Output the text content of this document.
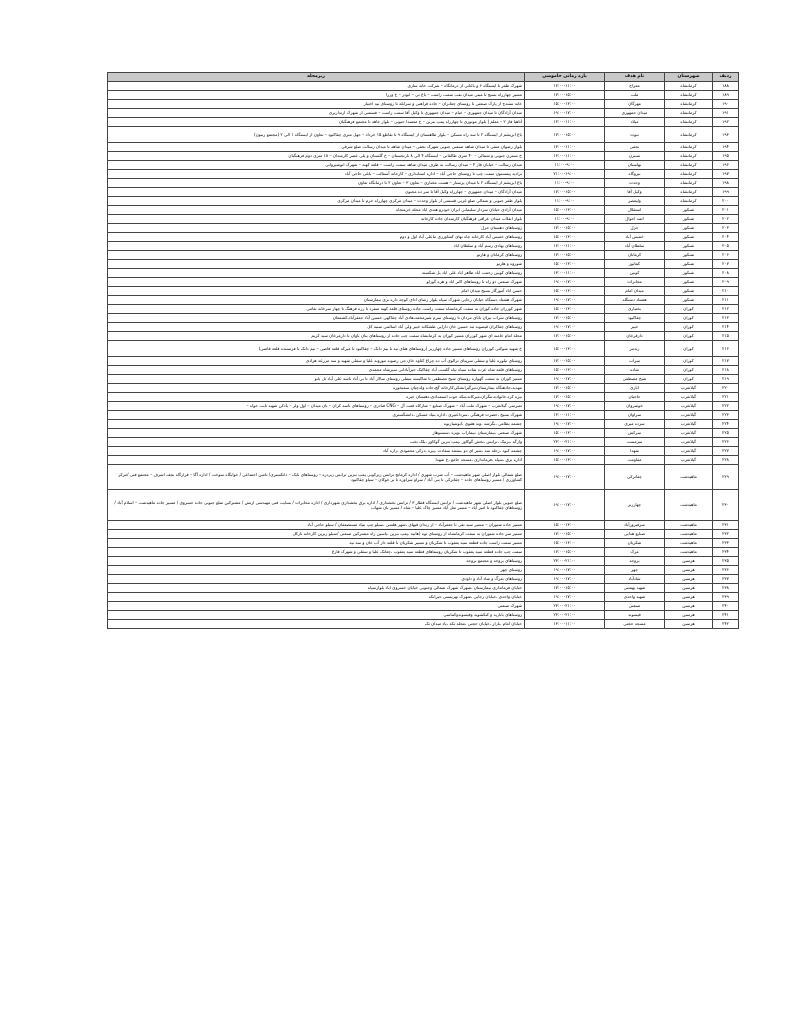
ردیف	شهرستان	نام هدف	بازه زمانی خاموشی	زیرمحله
۱۸۸	کرمانشاه	معراج	۱۳:۰۰-۱۱:۰۰	شهرک ظفر تا ایستگاه ۶ و باغاتی از درمانگاه – شرکت خانه سازی
۱۸۹	کرمانشاه	ملت	۱۷:۰۰-۱۵:۰۰	مسیر چهارراه بسیج تا میتی میدان نفت سمت راست – باغ نی – ابوذر – خ وزرا
۱۹۰	کرمانشاه	مهرگان	۱۵:۰۰-۱۳:۰۰	خانه سنندج از پارک صنعتی تا روستای چغانران – جاده فراهنی و سرابله تا روستای نیه اختیار
۱۹۱	کرمانشاه	میدان جمهوری	۱۹:۰۰-۱۷:۰۰	میدان آزادگان تا میدان جمهوری – خیام – میدان جمهوری تا وکیل آقا سمت راست – قسمتی از شهرک ارتداریری
۱۹۲	کرمانشاه	میلاد	۱۳:۰۰-۱۱:۰۰	آتاهیا فاز ۲ – معلم | بلوار موتوری تا چهارراه پمپ بنزین – خ معصدا جنوبی – بلوار جاهد تا مجتمع فرهنگیان
۱۹۳	کرمانشاه	نبوت	۱۷:۰۰-۱۵:۰۰	باغ ابریشم از ایستگاه ۲ تا سه راه مسکن – بلوار طاهستان از ایستگاه ۹ تا تقاطع ۱۵ خرداد – جهل متری چقاکبود – تعاون از ایستگاه ۱ الی ۲ (مجتمع زیتون)
۱۹۴	کرمانشاه	نجفی	۱۳:۰۰-۱۱:۰۰	بلوار رضوان منفی تا میدان شاهد صنعتی جنوبی شهرک نجفی – میدان شاهد تا میدان رسالت ضلع شرقی
۱۹۵	کرمانشاه	نسترن	۱۳:۰۰-۱۱:۰۰	خ نسترن جنوبی و شمالی – ۴۰ متری طالقانی – ایستگاه ۴ الی ۸ نارنجستان – خ گلستان و پلی عصر کارمندان – ۱۸ متری دوم فرهنگیان
۱۹۶	کرمانشاه	نهاستان	۱۱:۰۰-۹:۰۰	میدان رسالت – خیابان فاز ۴ – میدان رسالت به طرف میدان شاهد سمت راست – قلعه کهنه – شهرک انوشیروانی
۱۹۷	کرمانشاه	نیروگاه	۲۱:۰۰-۱۹:۰۰	برادید پیمستون سمت چپ تا روستای حاجی آباد – اداره استانداری – کارخانه آسفالت – بابلی حاجی آباد
۱۹۸	کرمانشاه	وحدت	۱۱:۰۰-۹:۰۰	باغ ابریشم از ایستگاه ۲ تا میدان پرستار – هشت مختاری – تعاون ۳ – تعاون ۲ تا درمانگاه تعاون
۱۹۹	کرمانشاه	وکیل آقا	۱۷:۰۰-۱۵:۰۰	میدان آزادگان – میدان جمهوری – چهارراه وکیل آقا تا سر ده مجنون
۲۰۰	کرمانشاه	ولیعصر	۱۱:۰۰-۹:۰۰	بلوار ظفر جنوبی و شمالی ضلع غربی قسمتی از بلوار وحدت – میدان مرکزی چهارراه خرم تا میدان مرکزی
۲۰۱	شنکور	استقلال	۱۵:۰۰-۱۳:۰۰	میدان آزادی خیابان سردار سلیمانی ایران خودرو هندی اباد محله خرمتجاه
۲۰۲	شنکور	اتمد احوال	۱۱:۰۰-۹:۰۰	بلوار انقلاب میدان عراقی فرهنگیان کارمندان جاده کارخانه
۲۰۳	شنکور	جزل	۱۷:۰۰-۱۵:۰۰	روستاهای دهستان جزل
۲۰۴	شنکور	خمیس آباد	۱۵:۰۰-۱۳:۰۰	روستاهای خمیس آباد کارخانه چاه نهای کشاورزی ماعلی آباد اول و دوم
۲۰۵	شنکور	سلطان آباد	۱۳:۰۰-۱۱:۰۰	روستاهای بهادی رسم آباد و سلطان اباد
۲۰۶	شنکور	کرمانان	۱۷:۰۰-۱۵:۰۰	روستاهای کرمانان و هارتو
۲۰۷	شنکور	کماتور	۱۵:۰۰-۱۳:۰۰	شوروه و هارتو
۲۰۸	شنکور	کوبین	۱۳:۰۰-۱۱:۰۰	روستاهای کوبین رحمت اباد ظاهر اباد علی اباد بل شکسته
۲۰۹	شنکور	مجابرات	۱۹:۰۰-۱۷:۰۰	شهرک صنعتی دو راه تا روستاهای اکبر اباد و هره گوزلو
۲۱۰	شنکور	میدان امام	۱۵:۰۰-۱۳:۰۰	حسن اباد آموزگار بسیج میدان امام
۲۱۱	شنکور	هشتاد دستگاه	۱۹:۰۰-۱۷:۰۰	شهرک هشتاد دستگاه خیابان رجایی شهرک سپاه بلوار رضای ادای کوچه داره بری بیمارستان
۲۱۲	کوران	بختیاری	۱۵:۰۰-۱۳:۰۰	شهر کوزران جاده کوران به سمت کرمانشاه سمت راست جاده روستای قلعه کهنه منفرد تا زره فرهنگ تا چهار سرخانه تغامی
۲۱۳	کوران	چقاکبود	۱۷:۰۰-۱۵:۰۰	روستاهای سراب نیران بابای مردان تا روستای سرم شیرمحمد،هادی آباد چقاکهی حسین آباد جعفرآباد،کشمعان
۲۱۴	کوران	خیبر	۱۹:۰۰-۱۷:۰۰	روستاهای چقاکران قیصوند ثبه حسین خان دارایی طشکانه خیبر ولی آباد اسالمی سنبه کل
۲۱۵	کوران	دارقرخان	۱۷:۰۰-۱۵:۰۰	محله امام خامنه ای شهر کوزران مسیر کوران به کرمانشاه سمت چپ جاده از روستاهای بنان باوان تا دارمرخان سید کریم
۲۱۶	کوران	رندمر	۱۵:۰۰-۱۳:۰۰	خ شهید شوکتی کوزران روستاهای مسیر جاده چهارزبر (روستاهای هنای نیه تا نیم دانک – چقاکبود تا میرکه قلعه قاضی – نیم دانک تا فرستنده قلعه قاضی)
۲۱۷	کوران	سراب	۱۷:۰۰-۱۵:۰۰	روستای نیلوره علیا و سفلی سرپتای ترالوی آب ده چراغ کثاوه خان جی رضوند مورونه علیا و سفلی شهید و سه مزرعه هرادی
۲۱۸	کوران	شاده	۱۵:۰۰-۱۳:۰۰	روستاهای قلعه شاه عزت شاده سپاه نیاه گلست آباد چقاکبک حیرآبادانی سیرشاه محمدی
۲۱۹	کوران	شیخ مصطفی	۱۹:۰۰-۱۷:۰۰	مسیر کوران به سمت گهواره روستای شیخ مصطفی تا شاکیسه سفلی روستای سالار آباد تا نی آباد ناسه علی آباد تل بانو
۲۲۰	گیلانغرب	اناری	۱۷:۰۰-۱۵:۰۰	مهدیه،جادهنگاه بیمارستان،تیرگیرانشکر،کارخانه گچ،جاده ولدچیان سمبخوره
۲۲۱	گیلانغرب	حاجیان	۱۷:۰۰-۱۵:۰۰	بیره کرد،خانواده،تنگران،میرکانه،تنکه جوب استمدادی،دهستان خیره
۲۲۲	گیلانغرب	خوشروان	۱۹:۰۰-۱۷:۰۰	تعبرسی گیلانغرب – شهرک ملت آباد – شهرک صنایع – شارکاه فعت آل – CNG فنادری – روستاهای ناسه کران – بان میدان – اول ولر – بادکن شهید ثابت خواه –
۲۲۳	گیلانغرب	سراوان	۱۳:۰۰-۱۱:۰۰	شهرک بسیج ،حضرت فرهنگی ،سرداعبیری ،اداره بنیاد مسکن ،دانشگستری
۲۲۴	گیلانغرب	سرده میری	۱۹:۰۰-۱۷:۰۰	چشمه نظامی ،نگرشه ،وند هقوی ،ابوشیارتوه
۲۲۵	گیلانغرب	سرکش	۱۵:۰۰-۱۳:۰۰	شهرک صنعتی ،بیمارستان ،بیماراب ،ویژه ،سنسوهار
۲۲۶	گیلانغرب	سرمست	۲۳:۰۰-۲۱:۰۰	وارگه ،برنیک ،ترانس ،بخش گوکاور ،پمپ بنزین گوکاور ،بلک تخت
۲۲۷	گیلانغرب	شهدا	۱۹:۰۰-۱۷:۰۰	چشمه کبود ،رجله مند ،شیر ای دو ،بشمه سعادت ،پیره ،درکی محمودی ،زاره آباد
۲۲۸	گیلانغرب	مقاومت	۱۵:۰۰-۱۳:۰۰	اداره برق ،سپاه ،فرمانداری ،مسجد جامع ،خ شهدا
۲۲۹	ماهیدشت	چقاترکی	۱۹:۰۰-۱۷:۰۰	ضلع شمالی بلوار اصلی شهر ماهیدشت – آب شرب شهری / اداره کرمانچ ترانس زیرکونی پمپ بنزین ترانس زبردره – روستاهای بابک – دانکستری/ تامین اجتماعی / خوابگاه سوخت / اداره آگا – قرارگاه نجف اشرف – مجتمع فنی /مرکز کشاورزی / مسیر روستاهای جاده – چقاترکی تا بنی آباد / سراو سراوره تا یر خوکان – سیاو چقاکبود
۲۳۰	ماهیدشت	چهارزبر	۱۹:۰۰-۱۷:۰۰	ضلع جنوبی بلوار اصلی شهر ماهیدشت / ترانس ایستگاه قطار ۳ / ترانس بخشداری / اداره برق بخشداری شهرداری / اداره مخابرات / بسایت فنی مهندسی ارتش / مشترکین ضلع جنوبی جاده خسروی / مسیر جاده ماهیدشت – اسلام آباد / روستاهای چقاکبود تا امیر آباد – مسیر تعل آباد مسیر چاک علیا – شاه / مسیر بان شهاب
۲۳۱	ماهیدشت	سرفیروزآباد	۱۵:۰۰-۱۳:۰۰	مسیر جاده شتوران – مسیر سید تقی تا جعفرآباد – از زندان قیهای ،شهر هلشی ،سیلو چپ بنیاد مستضعفان / سیلو حاجی آباد
۲۳۲	ماهیدشت	صنایع هدایی	۱۷:۰۰-۱۵:۰۰	مسیر سر جاده شتوران به سمت کرمانشاه از روستای توه (هانیه ،پمپ بنزین ،یاسین راه مشترکین صنعتی /سیلو زیرین کارخانه نارکل
۲۳۳	ماهیدشت	شکریان	۱۵:۰۰-۱۳:۰۰	مسیر سمت راست جاده قطعه سید یعقوب تا شکریان و مسیر شکریان تا قلعه دار آب خان و سه نیه
۲۳۴	ماهیدشت	مرک	۱۷:۰۰-۱۵:۰۰	سمت چپ جاده قطعه سید یعقوب تا شکریان روستاهای قطعه سید یعقوب ،چغانک علیا و سفلی و شهرک فارغ
۲۳۵	هرسین	بروجه	۲۳:۰۰-۲۱:۰۰	روستاهای بروجه و مجتمع بروجه
۲۳۶	هرسین	چهر	۱۹:۰۰-۱۷:۰۰	روستای چهر
۲۳۷	هرسین	شادآباد	۱۹:۰۰-۱۷:۰۰	روستاهای نعرگ و شاد آباد و داودی
۲۳۸	هرسین	شهید بهشتی	۱۷:۰۰-۱۵:۰۰	خیابان فرمانداری بیمارستان ،شهرک شهرک شمالی وجنوبی خیابان خسروی اباد بلوارسپاه
۲۳۹	هرسین	شهید واحدی	۱۹:۰۰-۱۷:۰۰	خیابان واحدی ،خیابان رجایی ،شهرک بهزیستی جیرانکه
۲۴۰	هرسین	صنعتی	۲۳:۰۰-۲۱:۰۰	شهرک صنعتی
۲۴۱	هرسین	فیسوند	۲۳:۰۰-۲۱:۰۰	روستاهای بابازید و کنکشوید وفیسوندوکماسی
۲۴۲	هرسین	مسجد حجتی	۱۳:۰۰-۱۱:۰۰	خیابان امام ،بازار ،خیابان حجتی ،محله تکه ،باد میدان تک
